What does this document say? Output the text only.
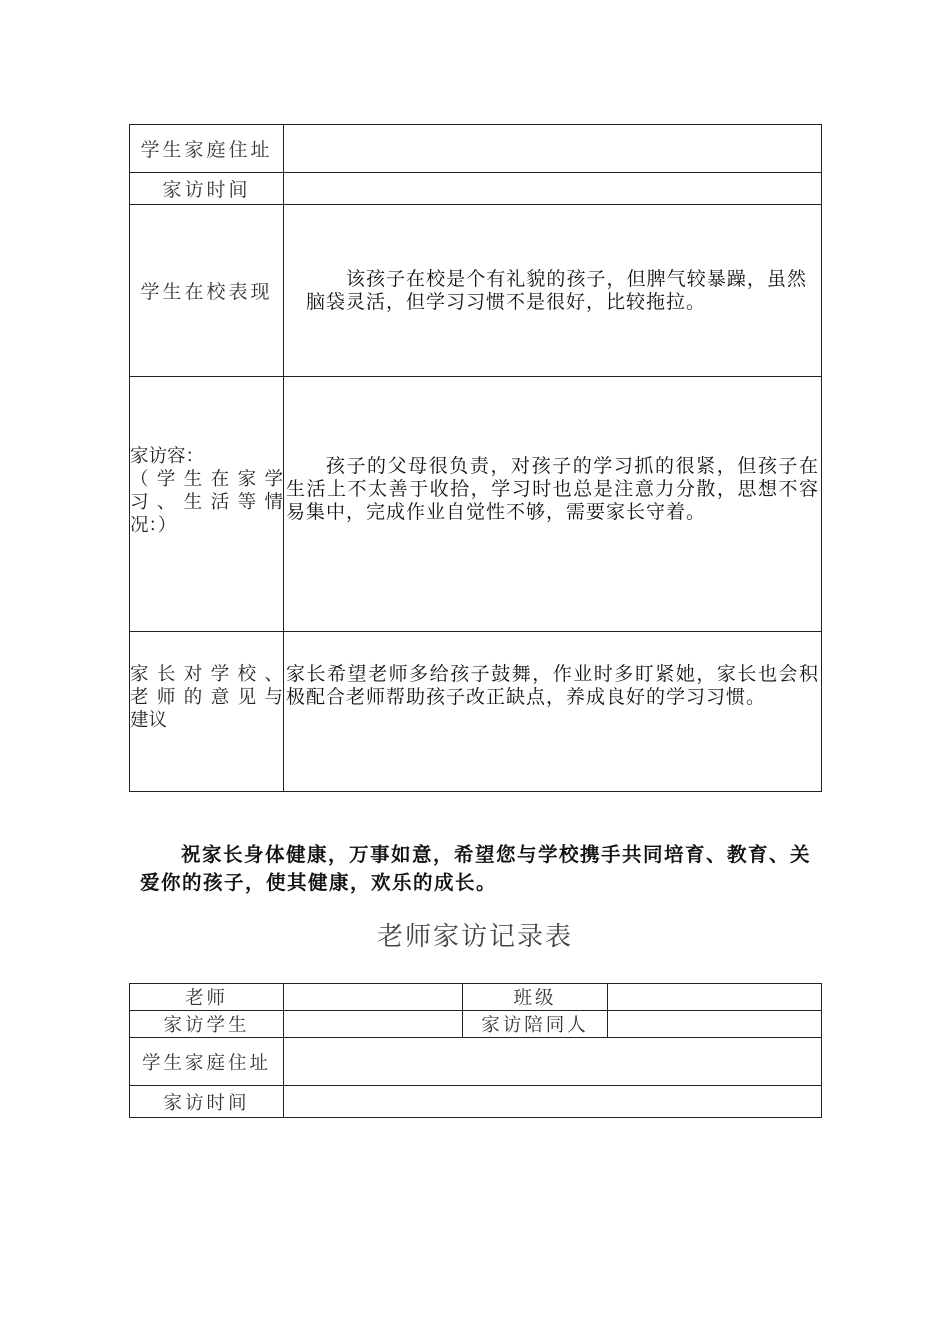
学生家庭住址	
家访时间	
学生在校表现	该孩子在校是个有礼貌的孩子，但脾气较暴躁，虽然脑袋灵活，但学习习惯不是很好，比较拖拉。

家访容：
（学生在家学
习、生活等情
况：）	孩子的父母很负责，对孩子的学习抓的很紧，但孩子在生活上不太善于收拾，学习时也总是注意力分散，思想不容易集中，完成作业自觉性不够，需要家长守着。

家长对学校、
老师的意见与
建议	家长希望老师多给孩子鼓舞，作业时多盯紧她，家长也会积极配合老师帮助孩子改正缺点，养成良好的学习习惯。
祝家长身体健康，万事如意，希望您与学校携手共同培育、教育、关爱你的孩子，使其健康，欢乐的成长。
老师家访记录表
老师		班级	
家访学生		家访陪同人	
学生家庭住址			
家访时间			
